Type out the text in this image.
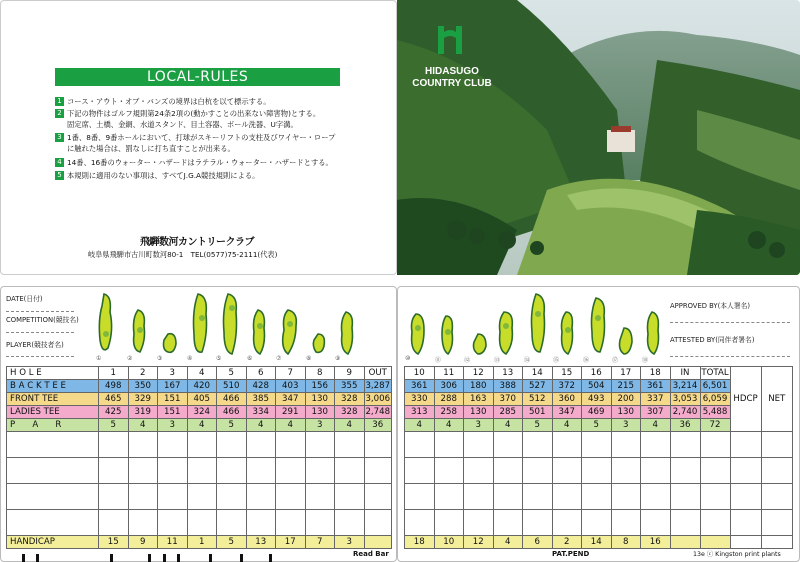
LOCAL-RULES
1 コース・アウト・オブ・バンズの境界は白杭を以て標示する。
2 下記の物件はゴルフ規則第24条2項の(動かすことの出来ない障害物)とする。
固定席、土橋、金網、水道スタンド、目土容器、ボール洗器、U字溝。
3 1番、8番、9番ホールにおいて、打球がスキーリフトの支柱及びワイヤー・ロープ
に触れた場合は、罰なしに打ち直すことが出来る。
4 14番、16番のウォーター・ハザードはラテラル・ウォーター・ハザードとする。
5 本規則に適用のない事項は、すべてJ.G.A競技規則による。
飛騨数河カントリークラブ
岐阜県飛騨市古川町数河80-1　TEL(0577)75-2111(代表)
HIDASUGO
COUNTRY CLUB
DATE(日付)
COMPETITION(競技名)
PLAYER(競技者名)
①	②	③	④	⑤	⑥	⑦	⑧	⑨
H O L E	1	2	3	4	5	6	7	8	9	OUT
B A C K T E E	498	350	167	420	510	428	403	156	355	3,287
FRONT TEE	465	329	151	405	466	385	347	130	328	3,006
LADIES TEE	425	319	151	324	466	334	291	130	328	2,748
P　　A　　R	5	4	3	4	5	4	4	3	4	36

HANDICAP	15	9	11	1	5	13	17	7	3	
⑩	⑪	⑫	⑬	⑭	⑮	⑯	⑰	⑱
APPROVED BY(本人署名)
ATTESTED BY(同伴者署名)
10	11	12	13	14	15	16	17	18	IN	TOTAL	HDCP	NET
361	306	180	388	527	372	504	215	361	3,214	6,501		
330	288	163	370	512	360	493	200	337	3,053	6,059		
313	258	130	285	501	347	469	130	307	2,740	5,488		
4	4	3	4	5	4	5	3	4	36	72		

18	10	12	4	6	2	14	8	16				
Read Bar	PAT.PEND	13e ⓒ Kingston print plants
